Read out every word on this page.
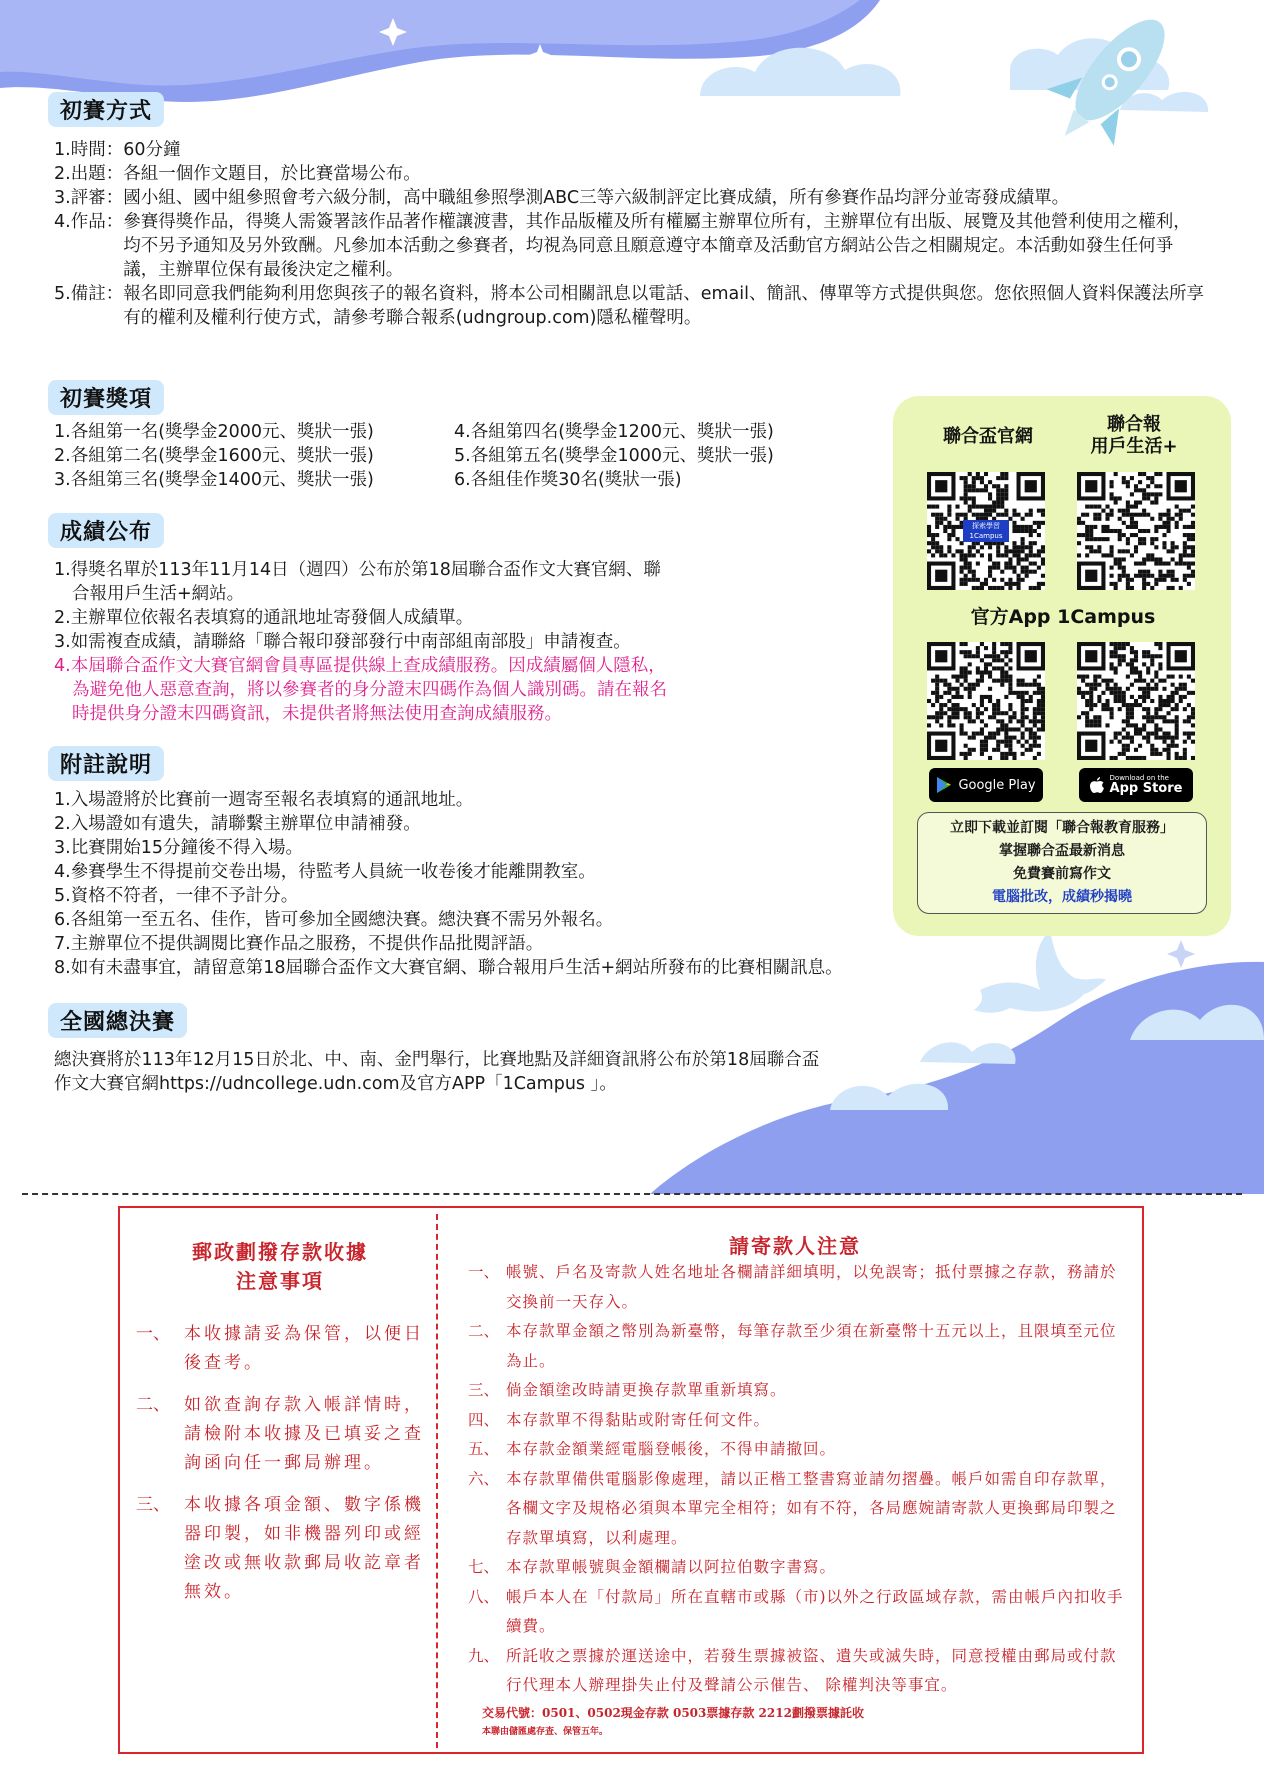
初賽方式
1.時間： 60分鐘
2.出題： 各組一個作文題目，於比賽當場公布。
3.評審： 國小組、國中組參照會考六級分制，高中職組參照學測ABC三等六級制評定比賽成績，所有參賽作品均評分並寄發成績單。
4.作品： 參賽得獎作品，得獎人需簽署該作品著作權讓渡書，其作品版權及所有權屬主辦單位所有，主辦單位有出版、展覽及其他營利使用之權利，均不另予通知及另外致酬。凡參加本活動之參賽者，均視為同意且願意遵守本簡章及活動官方網站公告之相關規定。本活動如發生任何爭議，主辦單位保有最後決定之權利。
5.備註： 報名即同意我們能夠利用您與孩子的報名資料，將本公司相關訊息以電話、email、簡訊、傳單等方式提供與您。您依照個人資料保護法所享有的權利及權利行使方式，請參考聯合報系(udngroup.com)隱私權聲明。
初賽獎項
1.各組第一名(獎學金2000元、獎狀一張)
2.各組第二名(獎學金1600元、獎狀一張)
3.各組第三名(獎學金1400元、獎狀一張)
4.各組第四名(獎學金1200元、獎狀一張)
5.各組第五名(獎學金1000元、獎狀一張)
6.各組佳作獎30名(獎狀一張)
成績公布
1.得獎名單於113年11月14日（週四）公布於第18屆聯合盃作文大賽官網、聯
合報用戶生活+網站。
2.主辦單位依報名表填寫的通訊地址寄發個人成績單。
3.如需複查成績，請聯絡「聯合報印發部發行中南部組南部股」申請複查。
4.本屆聯合盃作文大賽官網會員專區提供線上查成績服務。因成績屬個人隱私，
為避免他人惡意查詢，將以參賽者的身分證末四碼作為個人識別碼。請在報名
時提供身分證末四碼資訊，未提供者將無法使用查詢成績服務。
附註說明
1.入場證將於比賽前一週寄至報名表填寫的通訊地址。
2.入場證如有遺失，請聯繫主辦單位申請補發。
3.比賽開始15分鐘後不得入場。
4.參賽學生不得提前交卷出場，待監考人員統一收卷後才能離開教室。
5.資格不符者，一律不予計分。
6.各組第一至五名、佳作，皆可參加全國總決賽。總決賽不需另外報名。
7.主辦單位不提供調閱比賽作品之服務，不提供作品批閱評語。
8.如有未盡事宜，請留意第18屆聯合盃作文大賽官網、聯合報用戶生活+網站所發布的比賽相關訊息。
全國總決賽
總決賽將於113年12月15日於北、中、南、金門舉行，比賽地點及詳細資訊將公布於第18屆聯合盃
作文大賽官網https://udncollege.udn.com及官方APP「1Campus 」。
聯合盃官網
聯合報
用戶生活+
探索學習
1Campus
官方App 1Campus
Google Play	Download on the
App Store
立即下載並訂閱「聯合報教育服務」
掌握聯合盃最新消息
免費賽前寫作文
電腦批改，成績秒揭曉
郵政劃撥存款收據
注意事項
一、 本收據請妥為保管，以便日後查考。
二、 如欲查詢存款入帳詳情時，請檢附本收據及已填妥之查詢函向任一郵局辦理。
三、 本收據各項金額、數字係機器印製，如非機器列印或經塗改或無收款郵局收訖章者無效。
請寄款人注意
一、 帳號、戶名及寄款人姓名地址各欄請詳細填明，以免誤寄；抵付票據之存款，務請於交換前一天存入。
二、 本存款單金額之幣別為新臺幣，每筆存款至少須在新臺幣十五元以上，且限填至元位為止。
三、 倘金額塗改時請更換存款單重新填寫。
四、 本存款單不得黏貼或附寄任何文件。
五、 本存款金額業經電腦登帳後，不得申請撤回。
六、 本存款單備供電腦影像處理，請以正楷工整書寫並請勿摺疊。帳戶如需自印存款單，各欄文字及規格必須與本單完全相符；如有不符，各局應婉請寄款人更換郵局印製之存款單填寫，以利處理。
七、 本存款單帳號與金額欄請以阿拉伯數字書寫。
八、 帳戶本人在「付款局」所在直轄市或縣（市)以外之行政區域存款，需由帳戶內扣收手續費。
九、 所託收之票據於運送途中，若發生票據被盜、遺失或滅失時，同意授權由郵局或付款行代理本人辦理掛失止付及聲請公示催告、 除權判決等事宜。
交易代號：0501、0502現金存款 0503票據存款 2212劃撥票據託收
本聯由儲匯處存查、保管五年。
